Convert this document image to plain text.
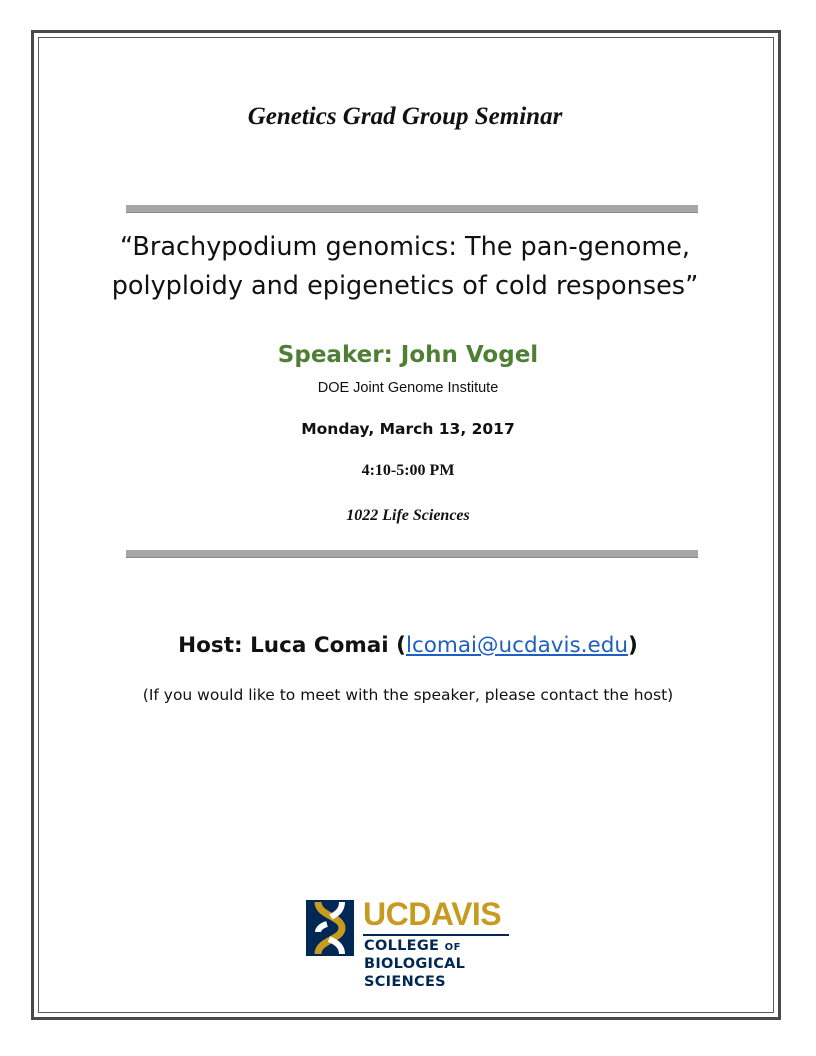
Genetics Grad Group Seminar
“Brachypodium genomics: The pan-genome,
polyploidy and epigenetics of cold responses”
Speaker: John Vogel
DOE Joint Genome Institute
Monday, March 13, 2017
4:10-5:00 PM
1022 Life Sciences
Host: Luca Comai (lcomai@ucdavis.edu)
(If you would like to meet with the speaker, please contact the host)
UCDAVIS
COLLEGE OF
BIOLOGICAL
SCIENCES
